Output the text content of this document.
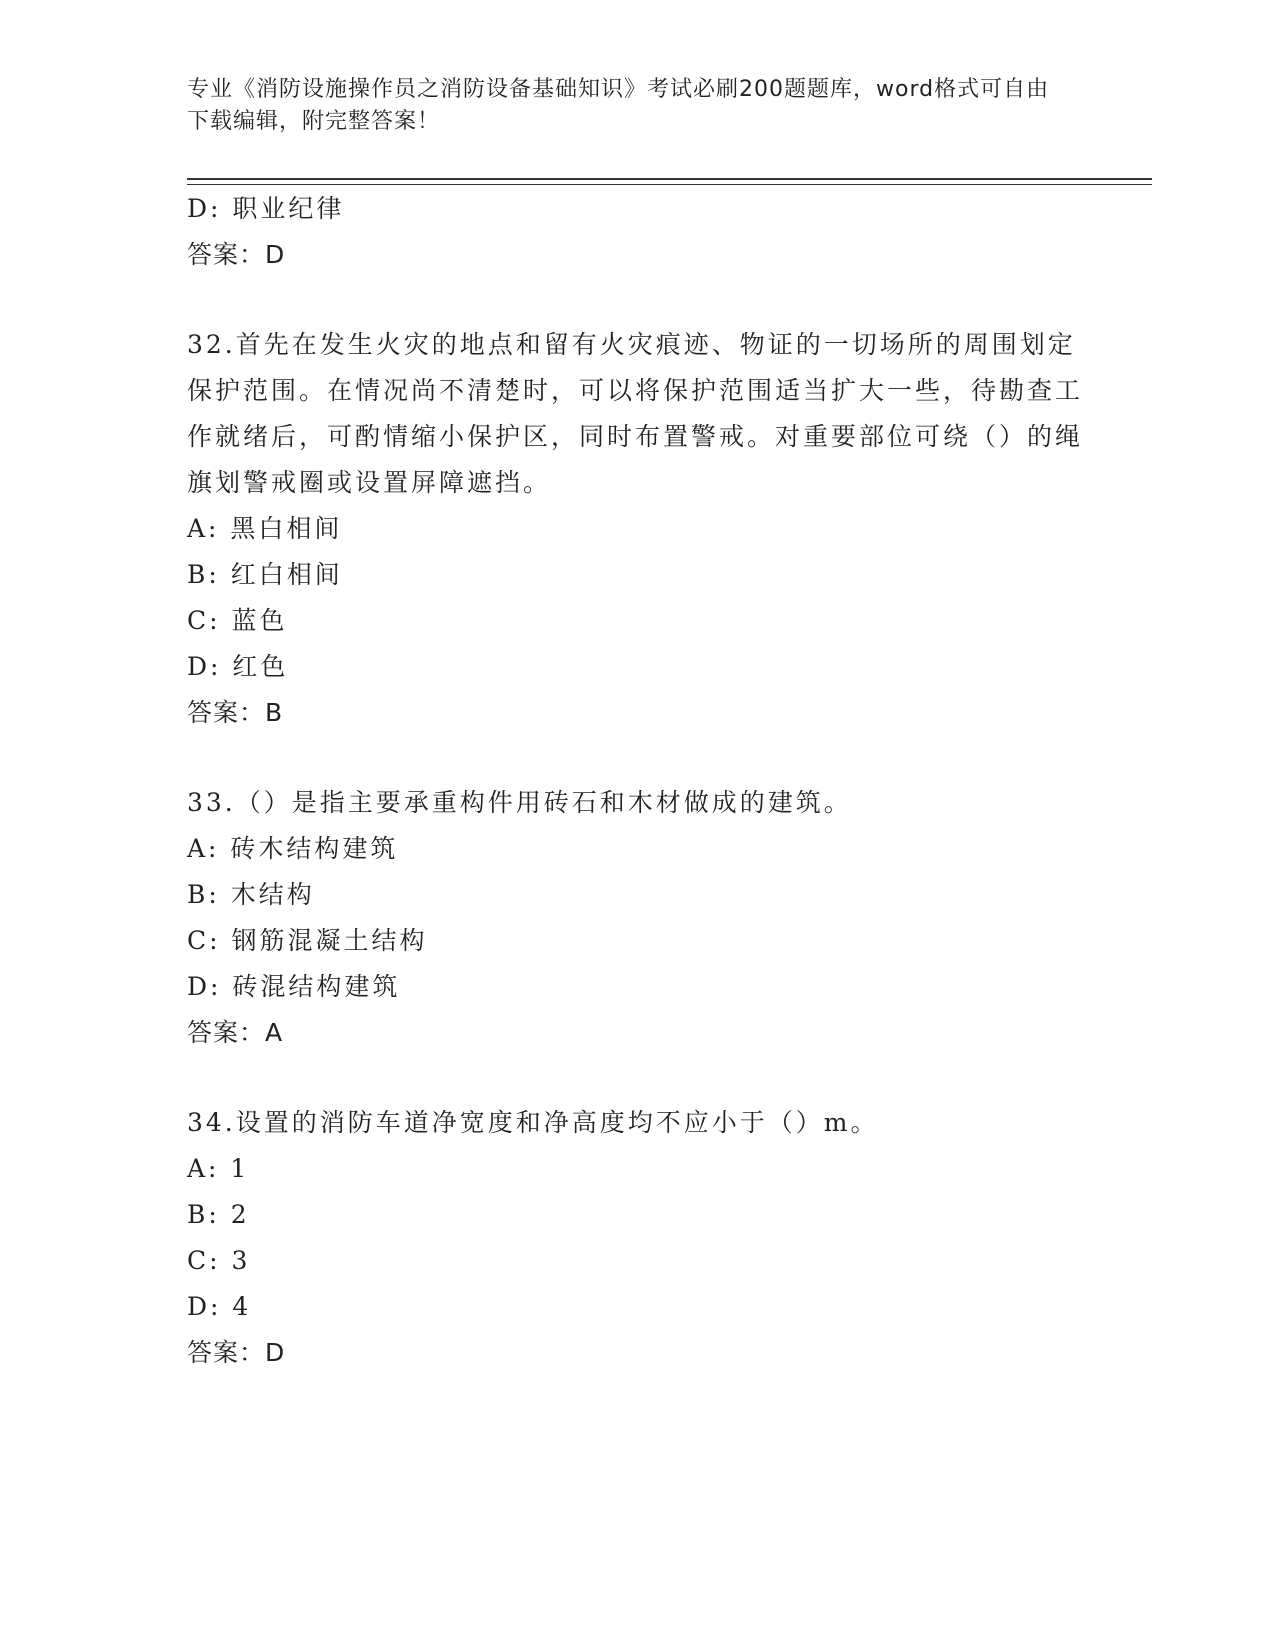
专业《消防设施操作员之消防设备基础知识》考试必刷200题题库，word格式可自由下载编辑，附完整答案！
D: 职业纪律
答案：D
32.首先在发生火灾的地点和留有火灾痕迹、物证的一切场所的周围划定保护范围。在情况尚不清楚时，可以将保护范围适当扩大一些，待勘查工作就绪后，可酌情缩小保护区，同时布置警戒。对重要部位可绕（）的绳旗划警戒圈或设置屏障遮挡。
A: 黑白相间
B: 红白相间
C: 蓝色
D: 红色
答案：B
33.（）是指主要承重构件用砖石和木材做成的建筑。
A: 砖木结构建筑
B: 木结构
C: 钢筋混凝土结构
D: 砖混结构建筑
答案：A
34.设置的消防车道净宽度和净高度均不应小于（）m。
A: 1
B: 2
C: 3
D: 4
答案：D
